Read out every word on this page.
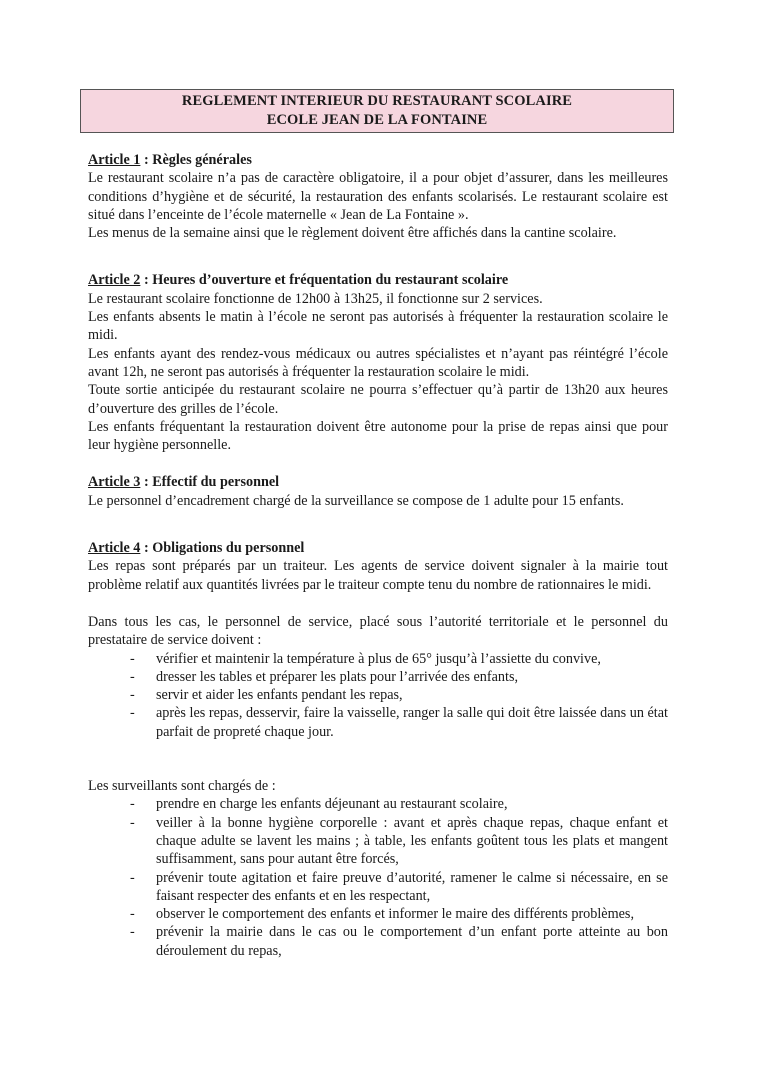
REGLEMENT INTERIEUR DU RESTAURANT SCOLAIRE
ECOLE JEAN DE LA FONTAINE

Article 1 : Règles générales

Le restaurant scolaire n’a pas de caractère obligatoire, il a pour objet d’assurer, dans les meilleures conditions d’hygiène et de sécurité, la restauration des enfants scolarisés. Le restaurant scolaire est situé dans l’enceinte de l’école maternelle « Jean de La Fontaine ».

Les menus de la semaine ainsi que le règlement doivent être affichés dans la cantine scolaire.

Article 2 : Heures d’ouverture et fréquentation du restaurant scolaire

Le restaurant scolaire fonctionne de 12h00 à 13h25, il fonctionne sur 2 services.

Les enfants absents le matin à l’école ne seront pas autorisés à fréquenter la restauration scolaire le midi.

Les enfants ayant des rendez-vous médicaux ou autres spécialistes et n’ayant pas réintégré l’école avant 12h, ne seront pas autorisés à fréquenter la restauration scolaire le midi.

Toute sortie anticipée du restaurant scolaire ne pourra s’effectuer qu’à partir de 13h20 aux heures d’ouverture des grilles de l’école.

Les enfants fréquentant la restauration doivent être autonome pour la prise de repas ainsi que pour leur hygiène personnelle.

Article 3 : Effectif du personnel

Le personnel d’encadrement chargé de la surveillance se compose de 1 adulte pour 15 enfants.

Article 4 : Obligations du personnel

Les repas sont préparés par un traiteur. Les agents de service doivent signaler à la mairie tout problème relatif aux quantités livrées par le traiteur compte tenu du nombre de rationnaires le midi.

Dans tous les cas, le personnel de service, placé sous l’autorité territoriale et le personnel du prestataire de service doivent :

- vérifier et maintenir la température à plus de 65° jusqu’à l’assiette du convive,
- dresser les tables et préparer les plats pour l’arrivée des enfants,
- servir et aider les enfants pendant les repas,
- après les repas, desservir, faire la vaisselle, ranger la salle qui doit être laissée dans un état parfait de propreté chaque jour.

Les surveillants sont chargés de :

- prendre en charge les enfants déjeunant au restaurant scolaire,
- veiller à la bonne hygiène corporelle : avant et après chaque repas, chaque enfant et chaque adulte se lavent les mains ; à table, les enfants goûtent tous les plats et mangent suffisamment, sans pour autant être forcés,
- prévenir toute agitation et faire preuve d’autorité, ramener le calme si nécessaire, en se faisant respecter des enfants et en les respectant,
- observer le comportement des enfants et informer le maire des différents problèmes,
- prévenir la mairie dans le cas ou le comportement d’un enfant porte atteinte au bon déroulement du repas,
